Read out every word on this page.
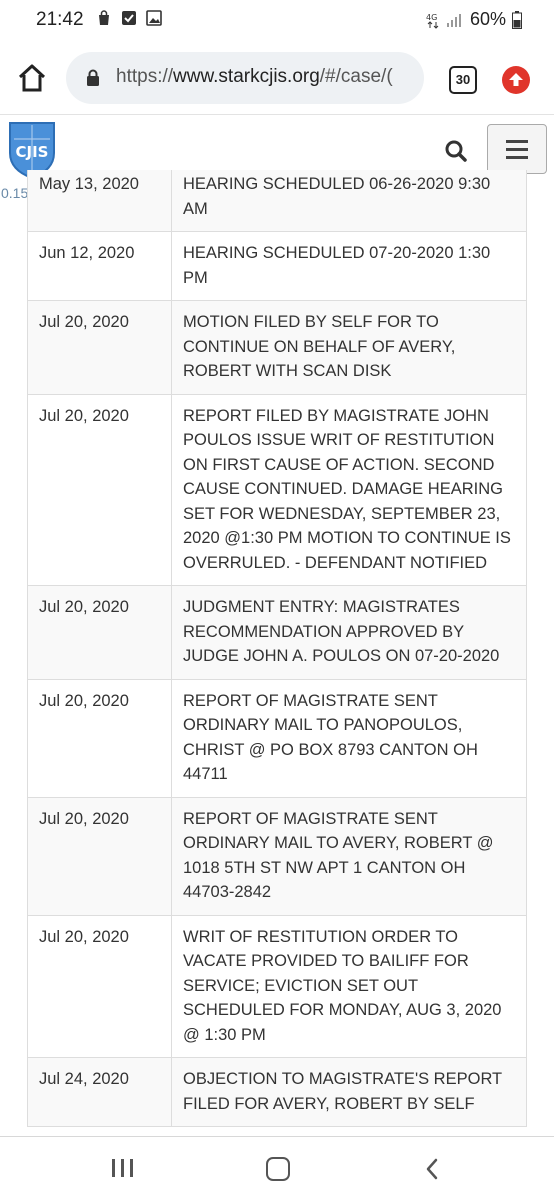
21:42	4G 60%
https://www.starkcjis.org/#/case/(	30
CJIS
0.15.4 May 13, 2020	HEARING SCHEDULED 06-26-2020 9:30 AM
Jun 12, 2020	HEARING SCHEDULED 07-20-2020 1:30 PM
Jul 20, 2020	MOTION FILED BY SELF FOR TO CONTINUE ON BEHALF OF AVERY, ROBERT WITH SCAN DISK
Jul 20, 2020	REPORT FILED BY MAGISTRATE JOHN POULOS ISSUE WRIT OF RESTITUTION ON FIRST CAUSE OF ACTION. SECOND CAUSE CONTINUED. DAMAGE HEARING SET FOR WEDNESDAY, SEPTEMBER 23, 2020 @1:30 PM MOTION TO CONTINUE IS OVERRULED. - DEFENDANT NOTIFIED
Jul 20, 2020	JUDGMENT ENTRY: MAGISTRATES RECOMMENDATION APPROVED BY JUDGE JOHN A. POULOS ON 07-20-2020
Jul 20, 2020	REPORT OF MAGISTRATE SENT ORDINARY MAIL TO PANOPOULOS, CHRIST @ PO BOX 8793 CANTON OH 44711
Jul 20, 2020	REPORT OF MAGISTRATE SENT ORDINARY MAIL TO AVERY, ROBERT @ 1018 5TH ST NW APT 1 CANTON OH 44703-2842
Jul 20, 2020	WRIT OF RESTITUTION ORDER TO VACATE PROVIDED TO BAILIFF FOR SERVICE; EVICTION SET OUT SCHEDULED FOR MONDAY, AUG 3, 2020 @ 1:30 PM
Jul 24, 2020	OBJECTION TO MAGISTRATE'S REPORT FILED FOR AVERY, ROBERT BY SELF
